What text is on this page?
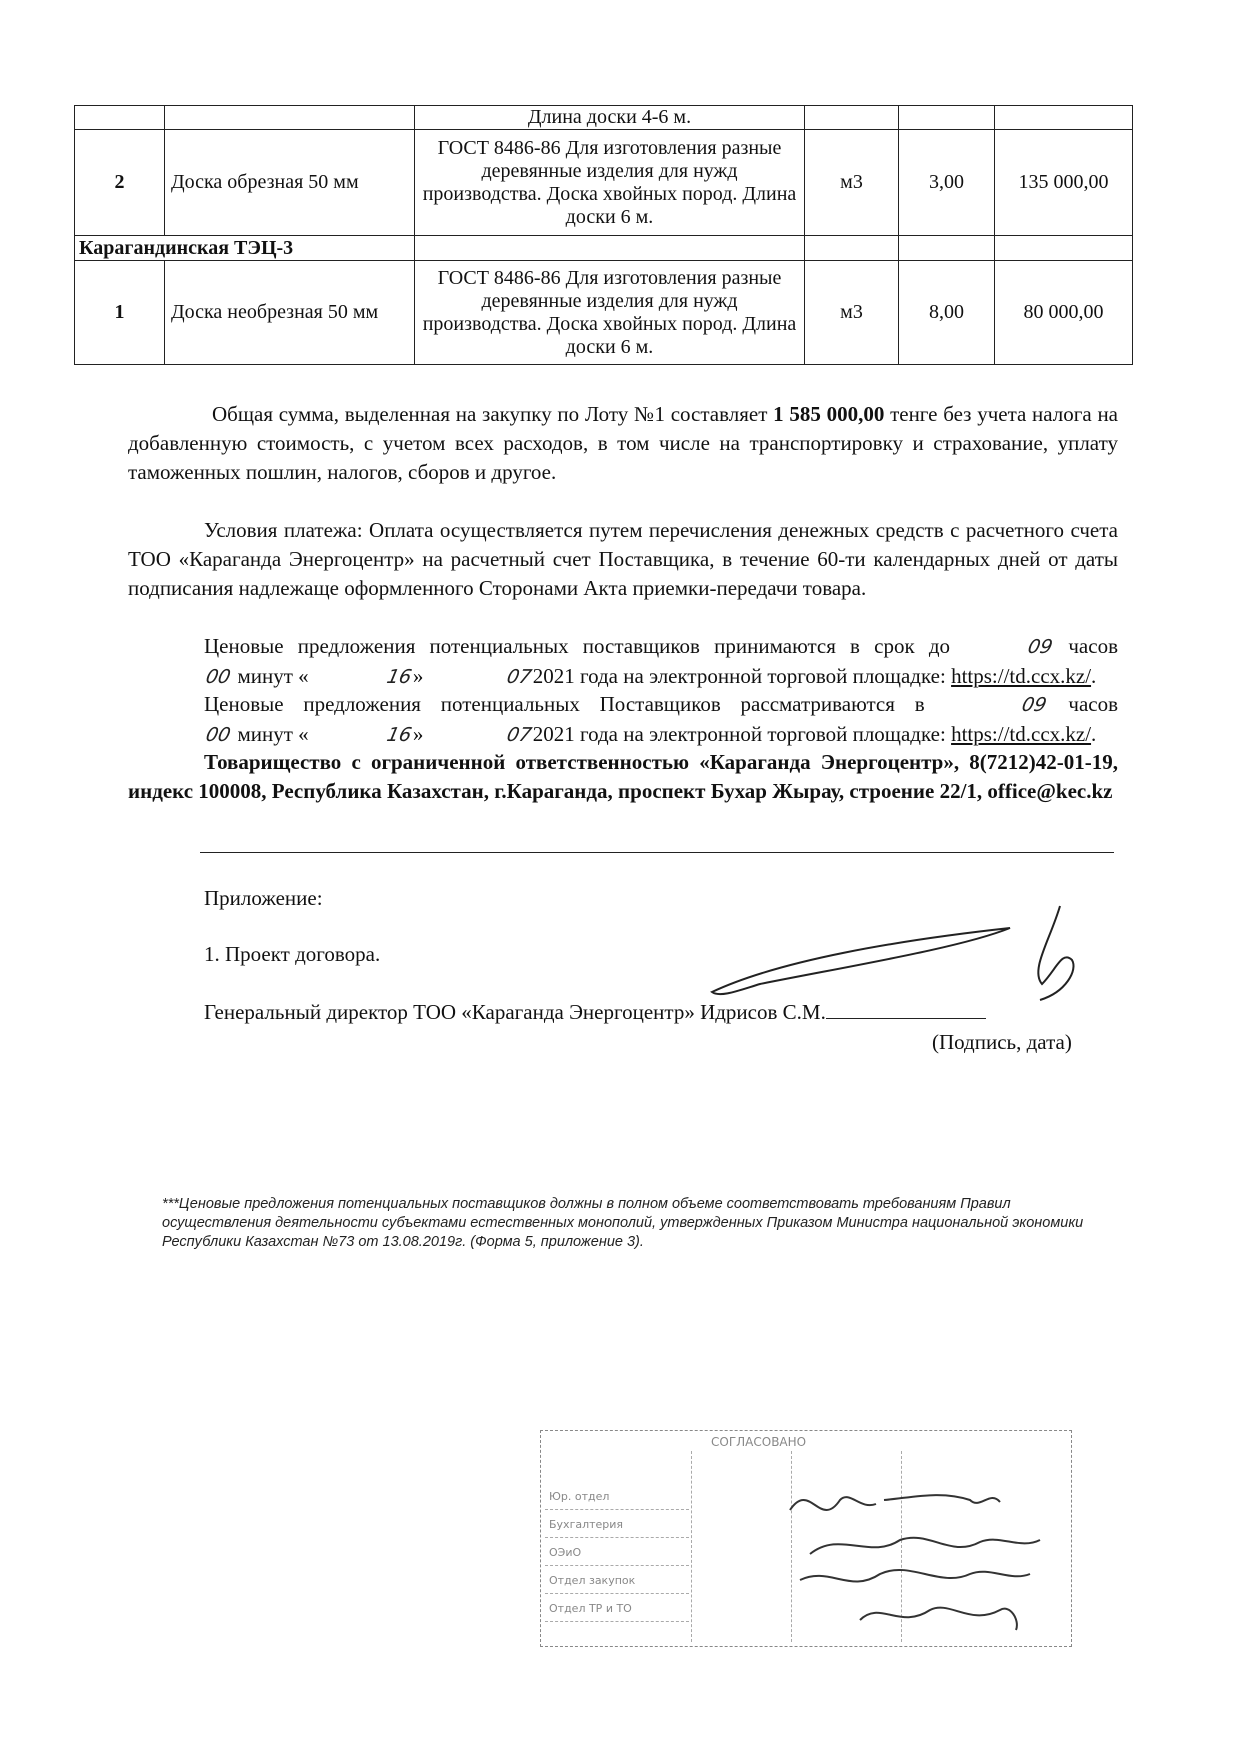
		Длина доски 4-6 м.			
2	Доска обрезная 50 мм	ГОСТ 8486-86 Для изготовления разные деревянные изделия для нужд производства. Доска хвойных пород. Длина доски 6 м.	м3	3,00	135 000,00
Карагандинская ТЭЦ-3					
1	Доска необрезная 50 мм	ГОСТ 8486-86 Для изготовления разные деревянные изделия для нужд производства. Доска хвойных пород. Длина доски 6 м.	м3	8,00	80 000,00
Общая сумма, выделенная на закупку по Лоту №1 составляет 1 585 000,00 тенге без учета налога на добавленную стоимость, с учетом всех расходов, в том числе на транспортировку и страхование, уплату таможенных пошлин, налогов, сборов и другое.
Условия платежа: Оплата осуществляется путем перечисления денежных средств с расчетного счета ТОО «Караганда Энергоцентр» на расчетный счет Поставщика, в течение 60-ти календарных дней от даты подписания надлежаще оформленного Сторонами Акта приемки-передачи товара.
Ценовые предложения потенциальных поставщиков принимаются в срок до	09 часов 00 минут «	16»	072021 года на электронной торговой площадке: https://td.ccx.kz/.
Ценовые предложения потенциальных Поставщиков рассматриваются в	09 часов 00 минут «	16»	072021 года на электронной торговой площадке: https://td.ccx.kz/.
Товарищество с ограниченной ответственностью «Караганда Энергоцентр», 8(7212)42-01-19, индекс 100008, Республика Казахстан, г.Караганда, проспект Бухар Жырау, строение 22/1, office@kec.kz
Приложение:
1. Проект договора.
Генеральный директор ТОО «Караганда Энергоцентр» Идрисов С.М.
(Подпись, дата)
***Ценовые предложения потенциальных поставщиков должны в полном объеме соответствовать требованиям Правил осуществления деятельности субъектами естественных монополий, утвержденных Приказом Министра национальной экономики Республики Казахстан №73 от 13.08.2019г. (Форма 5, приложение 3).
СОГЛАСОВАНО
Юр. отдел
Бухгалтерия
ОЭиО
Отдел закупок
Отдел ТР и ТО
